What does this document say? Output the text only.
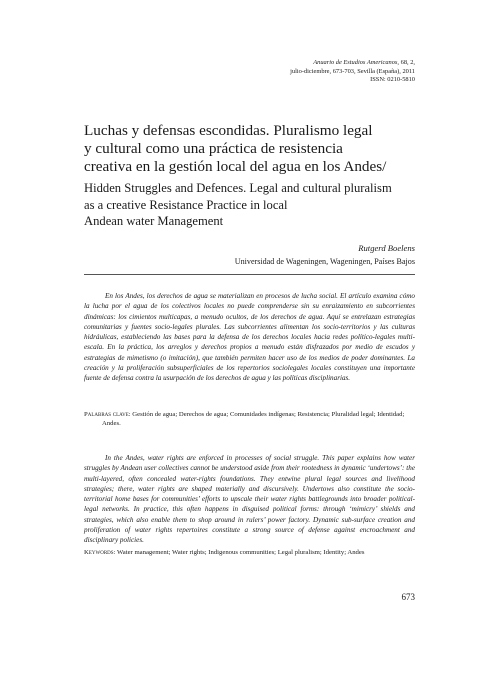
Anuario de Estudios Americanos, 68, 2,
julio-diciembre, 673-703, Sevilla (España), 2011
ISSN: 0210-5810
Luchas y defensas escondidas. Pluralismo legal
y cultural como una práctica de resistencia
creativa en la gestión local del agua en los Andes/
Hidden Struggles and Defences. Legal and cultural pluralism
as a creative Resistance Practice in local
Andean water Management
Rutgerd Boelens
Universidad de Wageningen, Wageningen, Países Bajos

En los Andes, los derechos de agua se materializan en procesos de lucha social. El artículo examina cómo la lucha por el agua de los colectivos locales no puede comprenderse sin su enraizamiento en subcorrientes dinámicas: los cimientos multicapas, a menudo ocultos, de los derechos de agua. Aquí se entrelazan estrategias comunitarias y fuentes socio-legales plurales. Las subcorrientes alimentan los socio-territorios y las culturas hidráulicas, estableciendo las bases para la defensa de los derechos locales hacia redes político-legales multi-escala. En la práctica, los arreglos y derechos propios a menudo están disfrazados por medio de escudos y estrategias de mimetismo (o imitación), que también permiten hacer uso de los medios de poder dominantes. La creación y la proliferación subsuperficiales de los repertorios sociolegales locales constituyen una importante fuente de defensa contra la usurpación de los derechos de agua y las políticas disciplinarias.

Palabras clave: Gestión de agua; Derechos de agua; Comunidades indígenas; Resistencia; Pluralidad legal; Identidad; Andes.

In the Andes, water rights are enforced in processes of social struggle. This paper explains how water struggles by Andean user collectives cannot be understood aside from their rootedness in dynamic ‘undertows’: the multi-layered, often concealed water-rights foundations. They entwine plural legal sources and livelihood strategies; there, water rights are shaped materially and discursively. Undertows also constitute the socio-territorial home bases for communities’ efforts to upscale their water rights battlegrounds into broader political-legal networks. In practice, this often happens in disguised political forms: through ‘mimicry’ shields and strategies, which also enable them to shop around in rulers’ power factory. Dynamic sub-surface creation and proliferation of water rights repertoires constitute a strong source of defense against encroachment and disciplinary policies.

Keywords: Water management; Water rights; Indigenous communities; Legal pluralism; Identity; Andes

673
